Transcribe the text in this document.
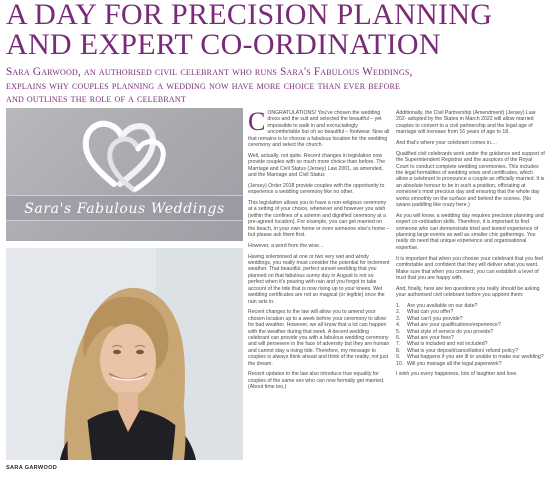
A DAY FOR PRECISION PLANNING
AND EXPERT CO-ORDINATION
Sara Garwood, an authorised civil celebrant who runs Sara's Fabulous Weddings,
explains why couples planning a wedding now have more choice than ever before
and outlines the role of a celebrant
Sara's Fabulous Weddings
SARA GARWOOD

CONGRATULATIONS! You've chosen the wedding dress and the suit and selected the beautiful – yet impossible to walk in and excruciatingly uncomfortable but oh so beautiful – footwear. Now all that remains is to choose a fabulous location for the wedding ceremony and select the church.

Well, actually, not quite. Recent changes in legislation now provide couples with so much more choice than before. The Marriage and Civil Status (Jersey) Law 2001, as amended, and the Marriage and Civil Status

(Jersey) Order 2018 provide couples with the opportunity to experience a wedding ceremony like no other.

This legislation allows you to have a non-religious ceremony at a setting of your choice, whenever and however you wish (within the confines of a solemn and dignified ceremony at a pre-agreed location). For example, you can get married on the beach, in your own home or even someone else's home – but please ask them first.

However, a word from the wise...

Having solemnised at one or two very wet and windy weddings, you really must consider the potential for inclement weather. That beautiful, perfect sunset wedding that you planned on that fabulous sunny day in August is not so perfect when it's pouring with rain and you forgot to take account of the tide that is now rising up to your knees. Wet wedding certificates are not so magical (or legible) once the rain sets in.

Recent changes to the law will allow you to amend your chosen location up to a week before your ceremony to allow for bad weather. However, we all know that a lot can happen with the weather during that week. A decent wedding celebrant can provide you with a fabulous wedding ceremony and will persevere in the face of adversity but they are human and cannot stay a rising tide. Therefore, my message to couples is always think ahead and think of the reality, not just the dream.

Recent updates to the law also introduce true equality for couples of the same sex who can now formally get married. (About time too.)

Additionally, the Civil Partnership (Amendment) (Jersey) Law 202- adopted by the States in March 2022 will allow married couples to convert to a civil partnership and the legal age of marriage will increase from 16 years of age to 18.

And that's where your celebrant comes in....

Qualified civil celebrants work under the guidance and support of the Superintendent Registrar and the auspices of the Royal Court to conduct complete wedding ceremonies. This includes the legal formalities of wedding vows and certificates, which allow a celebrant to pronounce a couple as officially married. It is an absolute honour to be in such a position, officiating at someone's most precious day and ensuring that the whole day works smoothly on the surface and behind the scenes. (No swans paddling like crazy here.)

As you will know, a wedding day requires precision planning and expert co-ordination skills. Therefore, it is important to find someone who can demonstrate tried and tested experience of planning large events as well as smaller chic gatherings. You really do need that unique experience and organisational expertise.

It is important that when you choose your celebrant that you feel comfortable and confident that they will deliver what you want. Make sure that when you connect, you can establish a level of trust that you are happy with.

And, finally, here are ten questions you really should be asking your authorised civil celebrant before you appoint them:

1.	Are you available on our date?
2.	What can you offer?
3.	What can't you provide?
4.	What are your qualifications/experience?
5.	What style of service do you provide?
6.	What are your fees?
7.	What is included and not included?
8.	What is your deposit/cancellation/ refund policy?
9.	What happens if you are ill or unable to make our wedding?
10. Will you manage all the legal paperwork?

I wish you every happiness, lots of laughter and love.
